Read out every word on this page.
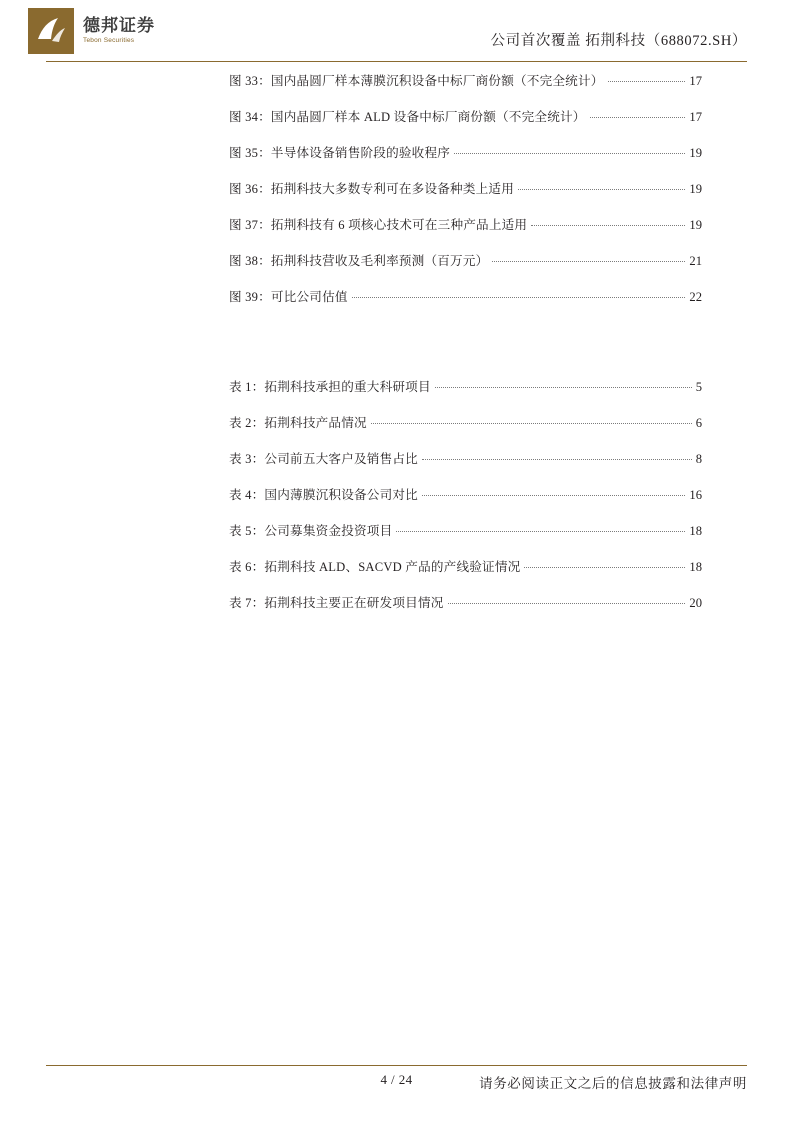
德邦证券
Tebon Securities	公司首次覆盖 拓荆科技（688072.SH）
图 33：国内晶圆厂样本薄膜沉积设备中标厂商份额（不完全统计）	17
图 34：国内晶圆厂样本 ALD 设备中标厂商份额（不完全统计）	17
图 35：半导体设备销售阶段的验收程序	19
图 36：拓荆科技大多数专利可在多设备种类上适用	19
图 37：拓荆科技有 6 项核心技术可在三种产品上适用	19
图 38：拓荆科技营收及毛利率预测（百万元）	21
图 39：可比公司估值	22
表 1：拓荆科技承担的重大科研项目	5
表 2：拓荆科技产品情况	6
表 3：公司前五大客户及销售占比	8
表 4：国内薄膜沉积设备公司对比	16
表 5：公司募集资金投资项目	18
表 6：拓荆科技 ALD、SACVD 产品的产线验证情况	18
表 7：拓荆科技主要正在研发项目情况	20
4 / 24	请务必阅读正文之后的信息披露和法律声明
